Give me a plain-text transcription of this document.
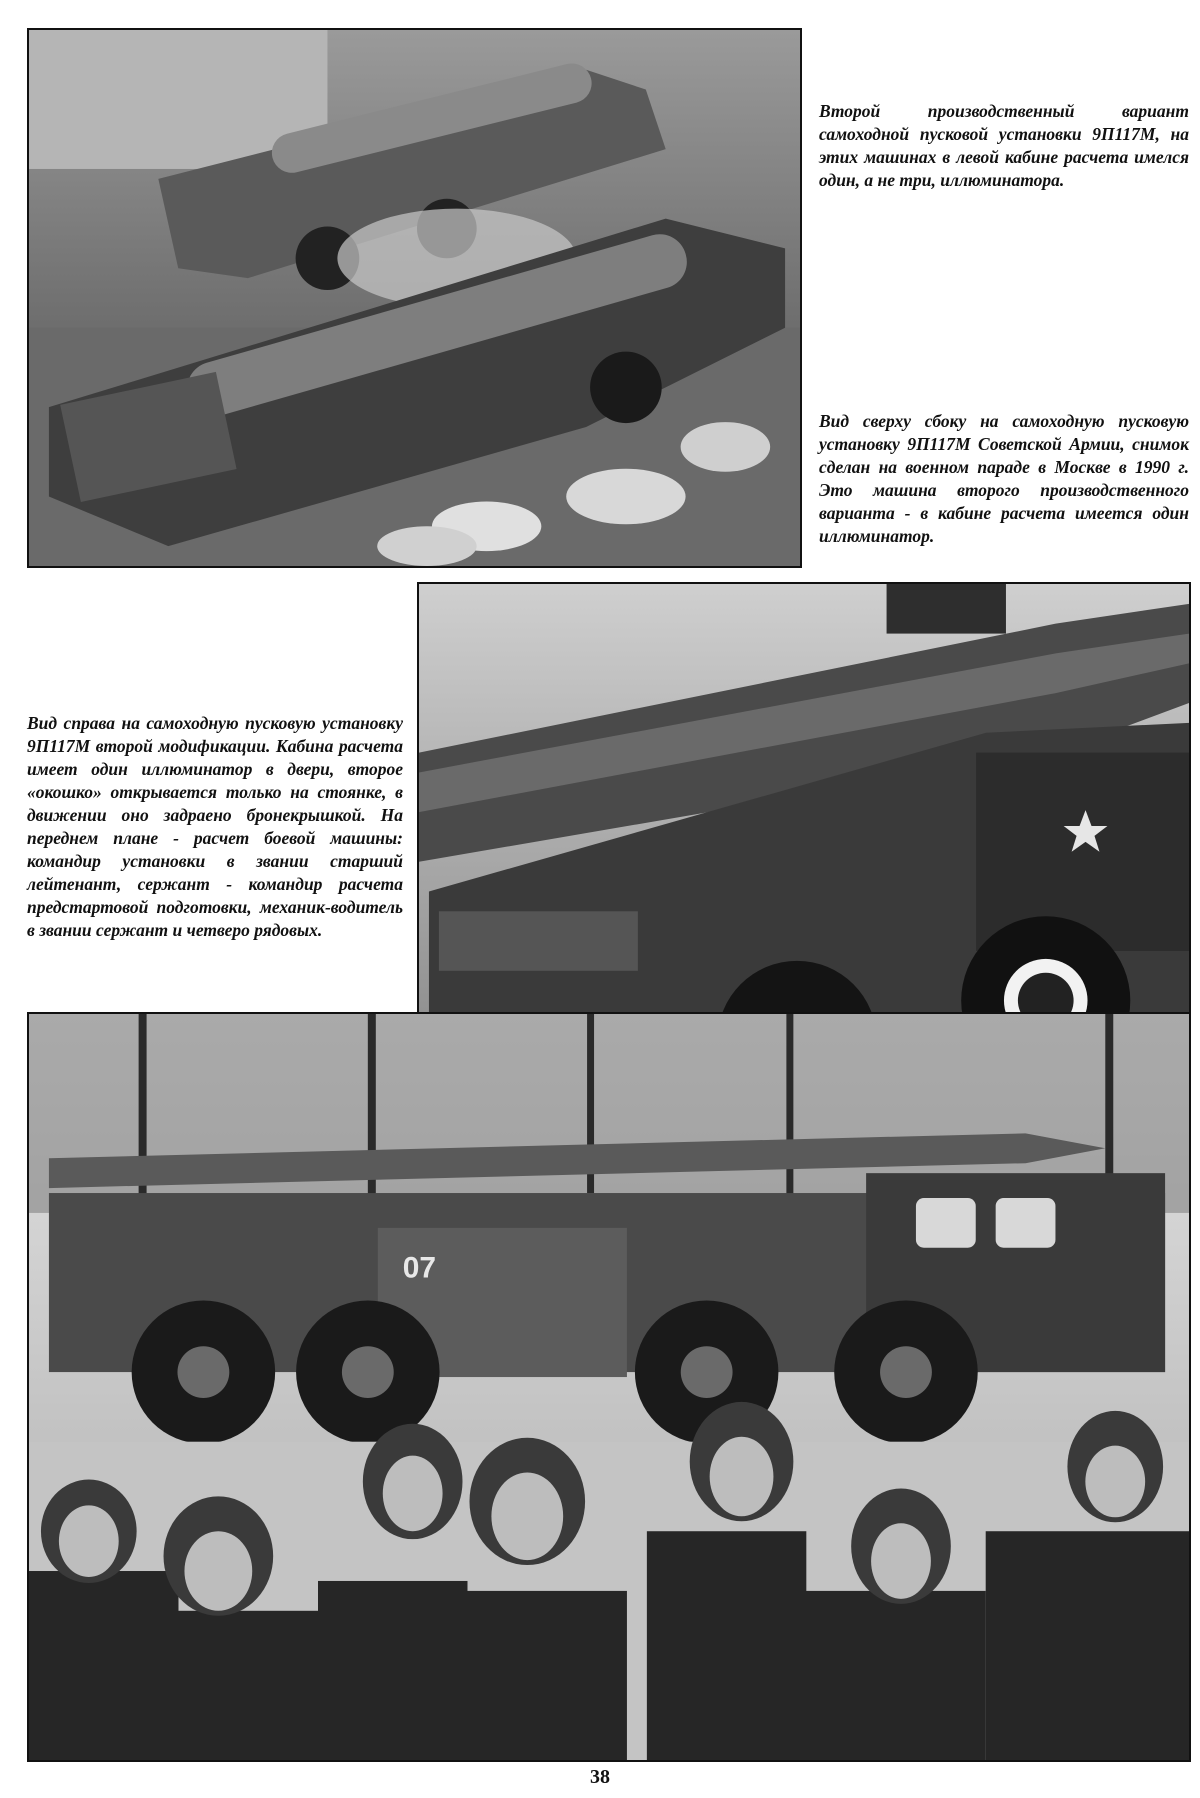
Второй производственный вариант самоходной пусковой установки 9П117М, на этих машинах в левой кабине расчета имелся один, а не три, иллюминатора.

Вид сверху сбоку на самоходную пусковую установку 9П117М Советской Армии, снимок сделан на военном параде в Москве в 1990 г. Это машина второго производственного варианта - в кабине расчета имеется один иллюминатор.

Вид справа на самоходную пусковую установку 9П117М второй модификации. Кабина расчета имеет один иллюминатор в двери, второе «окошко» открывается только на стоянке, в движении оно задраено бронекрышкой. На переднем плане - расчет боевой машины: командир установки в звании старший лейтенант, сержант - командир расчета предстартовой подготовки, механик-водитель в звании сержант и четверо рядовых.

07
38
